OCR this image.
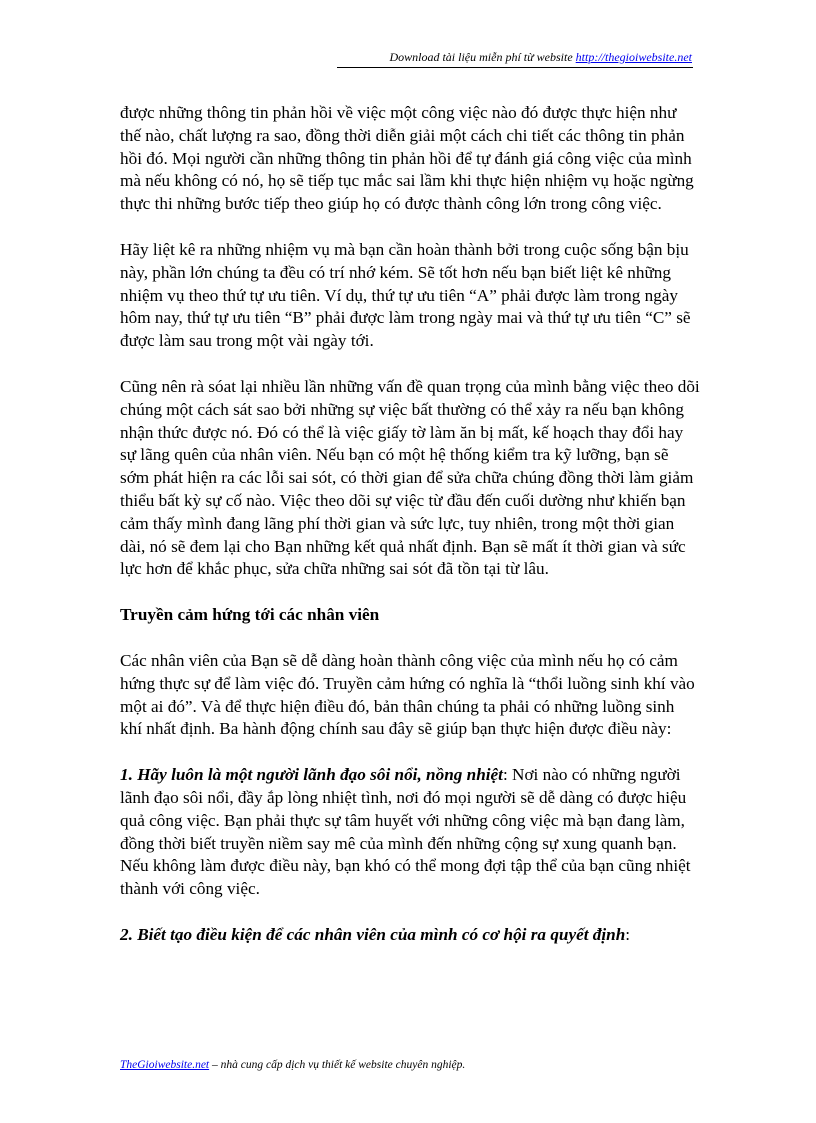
Download tài liệu miễn phí từ website http://thegioiwebsite.net

được những thông tin phản hồi về việc một công việc nào đó được thực hiện như thế nào, chất lượng ra sao, đồng thời diễn giải một cách chi tiết các thông tin phản hồi đó. Mọi người cần những thông tin phản hồi để tự đánh giá công việc của mình mà nếu không có nó, họ sẽ tiếp tục mắc sai lầm khi thực hiện nhiệm vụ hoặc ngừng thực thi những bước tiếp theo giúp họ có được thành công lớn trong công việc.

Hãy liệt kê ra những nhiệm vụ mà bạn cần hoàn thành bởi trong cuộc sống bận bịu này, phần lớn chúng ta đều có trí nhớ kém. Sẽ tốt hơn nếu bạn biết liệt kê những nhiệm vụ theo thứ tự ưu tiên. Ví dụ, thứ tự ưu tiên “A” phải được làm trong ngày hôm nay, thứ tự ưu tiên “B” phải được làm trong ngày mai và thứ tự ưu tiên “C” sẽ được làm sau trong một vài ngày tới.

Cũng nên rà sóat lại nhiều lần những vấn đề quan trọng của mình bằng việc theo dõi chúng một cách sát sao bởi những sự việc bất thường có thể xảy ra nếu bạn không nhận thức được nó. Đó có thể là việc giấy tờ làm ăn bị mất, kế hoạch thay đổi hay sự lãng quên của nhân viên. Nếu bạn có một hệ thống kiểm tra kỹ lưỡng, bạn sẽ sớm phát hiện ra các lỗi sai sót, có thời gian để sửa chữa chúng đồng thời làm giảm thiểu bất kỳ sự cố nào. Việc theo dõi sự việc từ đầu đến cuối dường như khiến bạn cảm thấy mình đang lãng phí thời gian và sức lực, tuy nhiên, trong một thời gian dài, nó sẽ đem lại cho Bạn những kết quả nhất định. Bạn sẽ mất ít thời gian và sức lực hơn để khắc phục, sửa chữa những sai sót đã tồn tại từ lâu.

Truyền cảm hứng tới các nhân viên

Các nhân viên của Bạn sẽ dễ dàng hoàn thành công việc của mình nếu họ có cảm hứng thực sự để làm việc đó. Truyền cảm hứng có nghĩa là “thổi luồng sinh khí vào một ai đó”. Và để thực hiện điều đó, bản thân chúng ta phải có những luồng sinh khí nhất định. Ba hành động chính sau đây sẽ giúp bạn thực hiện được điều này:

1. Hãy luôn là một người lãnh đạo sôi nổi, nồng nhiệt: Nơi nào có những người lãnh đạo sôi nổi, đầy ắp lòng nhiệt tình, nơi đó mọi người sẽ dễ dàng có được hiệu quả công việc. Bạn phải thực sự tâm huyết với những công việc mà bạn đang làm, đồng thời biết truyền niềm say mê của mình đến những cộng sự xung quanh bạn. Nếu không làm được điều này, bạn khó có thể mong đợi tập thể của bạn cũng nhiệt thành với công việc.

2. Biết tạo điều kiện để các nhân viên của mình có cơ hội ra quyết định:

TheGioiwebsite.net – nhà cung cấp dịch vụ thiết kế website chuyên nghiệp.
